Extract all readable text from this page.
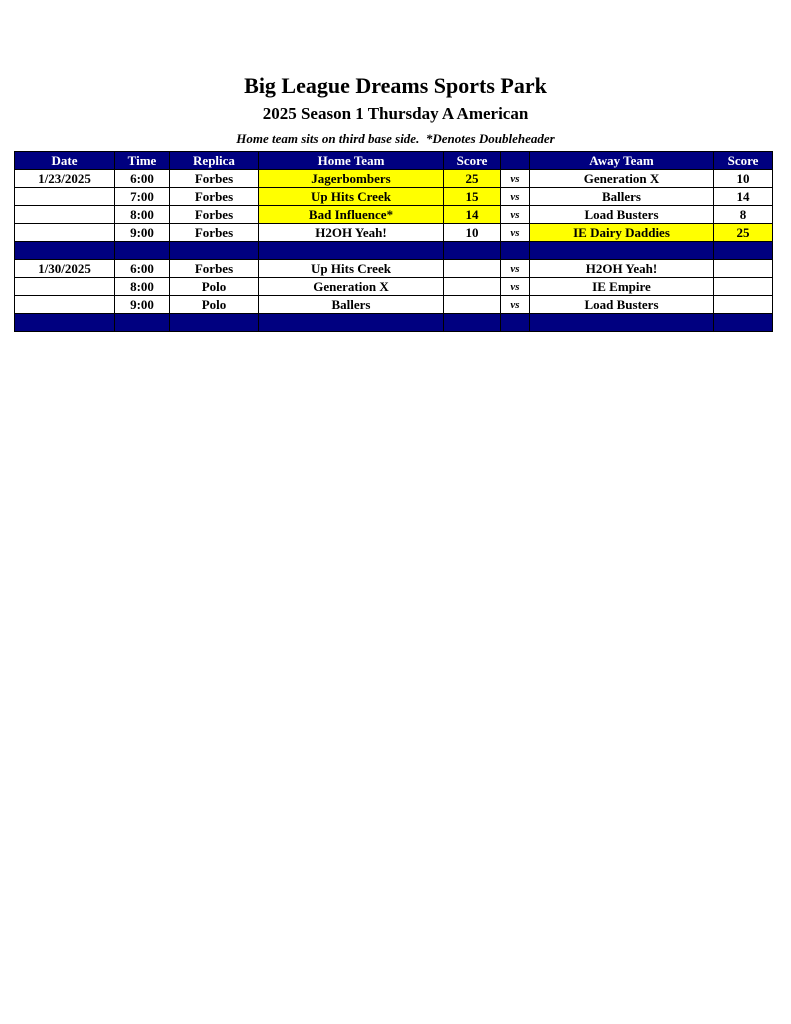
Big League Dreams Sports Park
2025 Season 1 Thursday A American
Home team sits on third base side. *Denotes Doubleheader
Date	Time	Replica	Home Team	Score		Away Team	Score
1/23/2025	6:00	Forbes	Jagerbombers	25	vs	Generation X	10
	7:00	Forbes	Up Hits Creek	15	vs	Ballers	14
	8:00	Forbes	Bad Influence*	14	vs	Load Busters	8
	9:00	Forbes	H2OH Yeah!	10	vs	IE Dairy Daddies	25

1/30/2025	6:00	Forbes	Up Hits Creek		vs	H2OH Yeah!	
	8:00	Polo	Generation X		vs	IE Empire	
	9:00	Polo	Ballers		vs	Load Busters	
